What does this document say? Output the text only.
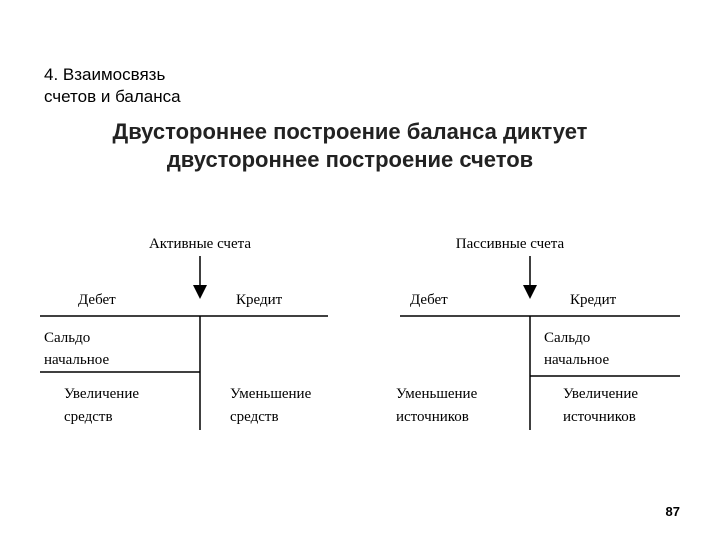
4. Взаимосвязь
счетов и баланса
Двустороннее построение баланса диктует
двустороннее построение счетов
Активные счета
Дебет	Кредит
Сальдо
начальное
Увеличение
средств
Уменьшение
средств
Пассивные счета
Дебет	Кредит
Сальдо
начальное
Уменьшение
источников
Увеличение
источников
87
